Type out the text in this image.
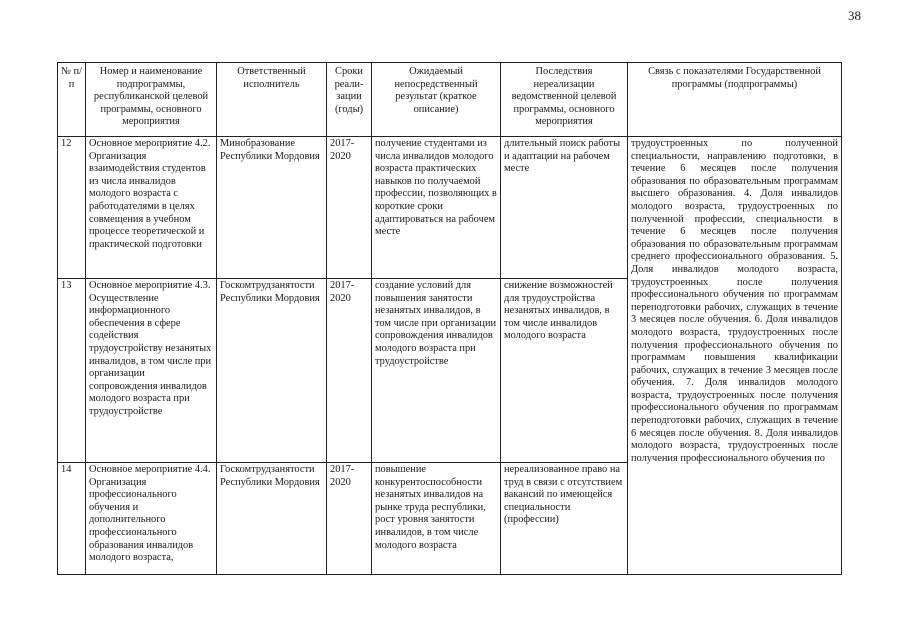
38
№ п/п	Номер и наименование подпрограммы, республиканской целевой программы, основного мероприятия	Ответственный исполнитель	Сроки реали-зации (годы)	Ожидаемый непосредственный результат (краткое описание)	Последствия нереализации ведомственной целевой программы, основного мероприятия	Связь с показателями Государственной программы (подпрограммы)
12	Основное мероприятие 4.2. Организация взаимодействия студентов из числа инвалидов молодого возраста с работодателями в целях совмещения в учебном процессе теоретической и практической подготовки	Минобразование Республики Мордовия	2017-2020	получение студентами из числа инвалидов молодого возраста практических навыков по получаемой профессии, позволяющих в короткие сроки адаптироваться на рабочем месте	длительный поиск работы и адаптации на рабочем месте	трудоустроенных по полученной специальности, направлению подготовки, в течение 6 месяцев после получения образования по образовательным программам высшего образования. 4. Доля инвалидов молодого возраста, трудоустроенных по полученной профессии, специальности в течение 6 месяцев после получения образования по образовательным программам среднего профессионального образования. 5. Доля инвалидов молодого возраста, трудоустроенных после получения профессионального обучения по программам переподготовки рабочих, служащих в течение 3 месяцев после обучения. 6. Доля инвалидов молодого возраста, трудоустроенных после получения профессионального обучения по программам повышения квалификации рабочих, служащих в течение 3 месяцев после обучения. 7. Доля инвалидов молодого возраста, трудоустроенных после получения профессионального обучения по программам переподготовки рабочих, служащих в течение 6 месяцев после обучения. 8. Доля инвалидов молодого возраста, трудоустроенных после получения профессионального обучения по
13	Основное мероприятие 4.3. Осуществление информационного обеспечения в сфере содействия трудоустройству незанятых инвалидов, в том числе при организации сопровождения инвалидов молодого возраста при трудоустройстве	Госкомтрудзанятости Республики Мордовия	2017-2020	создание условий для повышения занятости незанятых инвалидов, в том числе при организации сопровождения инвалидов молодого возраста при трудоустройстве	снижение возможностей для трудоустройства незанятых инвалидов, в том числе инвалидов молодого возраста	
14	Основное мероприятие 4.4. Организация профессионального обучения и дополнительного профессионального образования инвалидов молодого возраста,	Госкомтрудзанятости Республики Мордовия	2017-2020	повышение конкурентоспособности незанятых инвалидов на рынке труда республики, рост уровня занятости инвалидов, в том числе молодого возраста	нереализованное право на труд в связи с отсутствием вакансий по имеющейся специальности (профессии)	
